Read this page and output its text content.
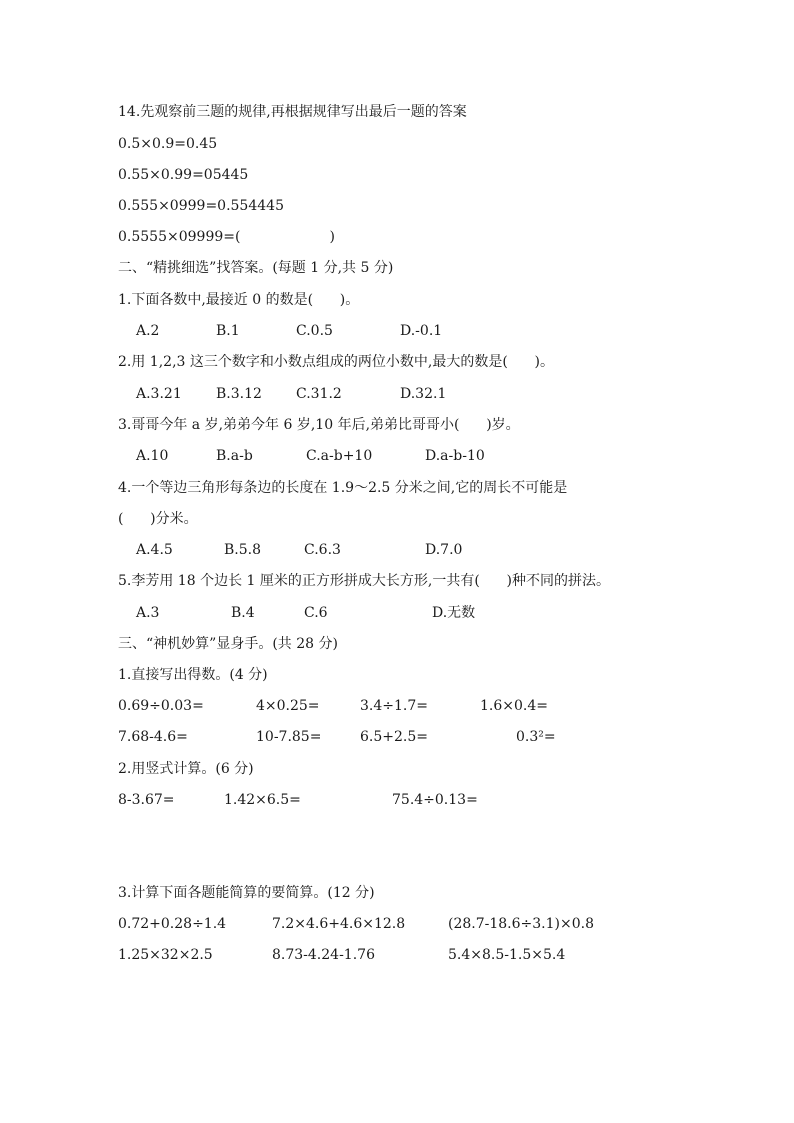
14.先观察前三题的规律,再根据规律写出最后一题的答案
0.5×0.9=0.45
0.55×0.99=05445
0.555×0999=0.554445
0.5555×09999=(                    )
二、“精挑细选”找答案。(每题 1 分,共 5 分)
1.下面各数中,最接近 0 的数是(      )。
A.2	B.1	C.0.5	D.-0.1
2.用 1,2,3 这三个数字和小数点组成的两位小数中,最大的数是(      )。
A.3.21 B.3.12 C.31.2	D.32.1
3.哥哥今年 a 岁,弟弟今年 6 岁,10 年后,弟弟比哥哥小(      )岁。
A.10	B.a-b	C.a-b+10	D.a-b-10
4.一个等边三角形每条边的长度在 1.9～2.5 分米之间,它的周长不可能是
(      )分米。
A.4.5	B.5.8	C.6.3	D.7.0
5.李芳用 18 个边长 1 厘米的正方形拼成大长方形,一共有(      )种不同的拼法。
A.3	B.4	C.6	D.无数
三、“神机妙算”显身手。(共 28 分)
1.直接写出得数。(4 分)
0.69÷0.03=	4×0.25=	3.4÷1.7=	1.6×0.4=
7.68-4.6=	10-7.85=	6.5+2.5=	0.3²=
2.用竖式计算。(6 分)
8-3.67=	1.42×6.5=	75.4÷0.13=
3.计算下面各题能简算的要简算。(12 分)
0.72+0.28÷1.4	7.2×4.6+4.6×12.8	(28.7-18.6÷3.1)×0.8
1.25×32×2.5	8.73-4.24-1.76	5.4×8.5-1.5×5.4
